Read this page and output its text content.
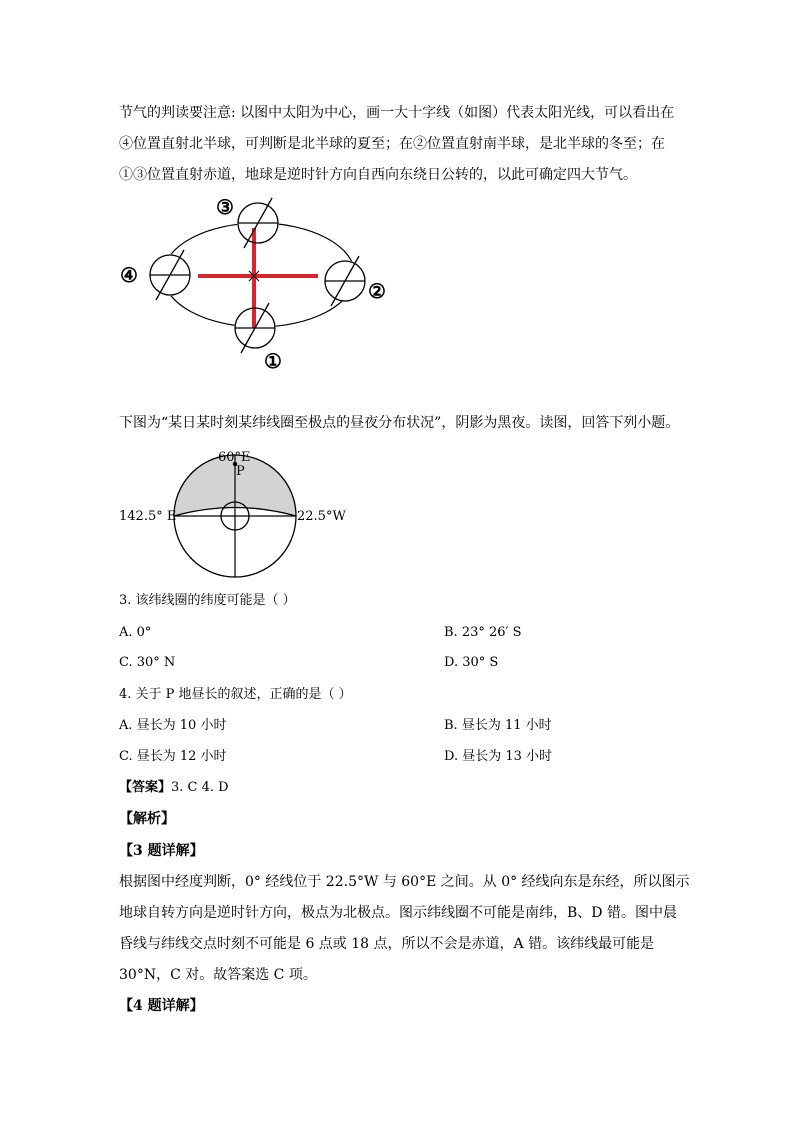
节气的判读要注意: 以图中太阳为中心，画一大十字线（如图）代表太阳光线，可以看出在
④位置直射北半球，可判断是北半球的夏至；在②位置直射南半球，是北半球的冬至；在
①③位置直射赤道，地球是逆时针方向自西向东绕日公转的，以此可确定四大节气。
③
②
①
④
下图为“某日某时刻某纬线圈至极点的昼夜分布状况”，阴影为黑夜。读图，回答下列小题。
60°E
P
142.5° E	22.5°W
3. 该纬线圈的纬度可能是（ ）
A. 0°	B. 23° 26′ S
C. 30° N	D. 30° S
4. 关于 P 地昼长的叙述，正确的是（ ）
A. 昼长为 10 小时	B. 昼长为 11 小时
C. 昼长为 12 小时	D. 昼长为 13 小时
【答案】3. C 4. D
【解析】
【3 题详解】
根据图中经度判断，0° 经线位于 22.5°W 与 60°E 之间。从 0° 经线向东是东经，所以图示
地球自转方向是逆时针方向，极点为北极点。图示纬线圈不可能是南纬，B、D 错。图中晨
昏线与纬线交点时刻不可能是 6 点或 18 点，所以不会是赤道，A 错。该纬线最可能是
30°N，C 对。故答案选 C 项。
【4 题详解】
